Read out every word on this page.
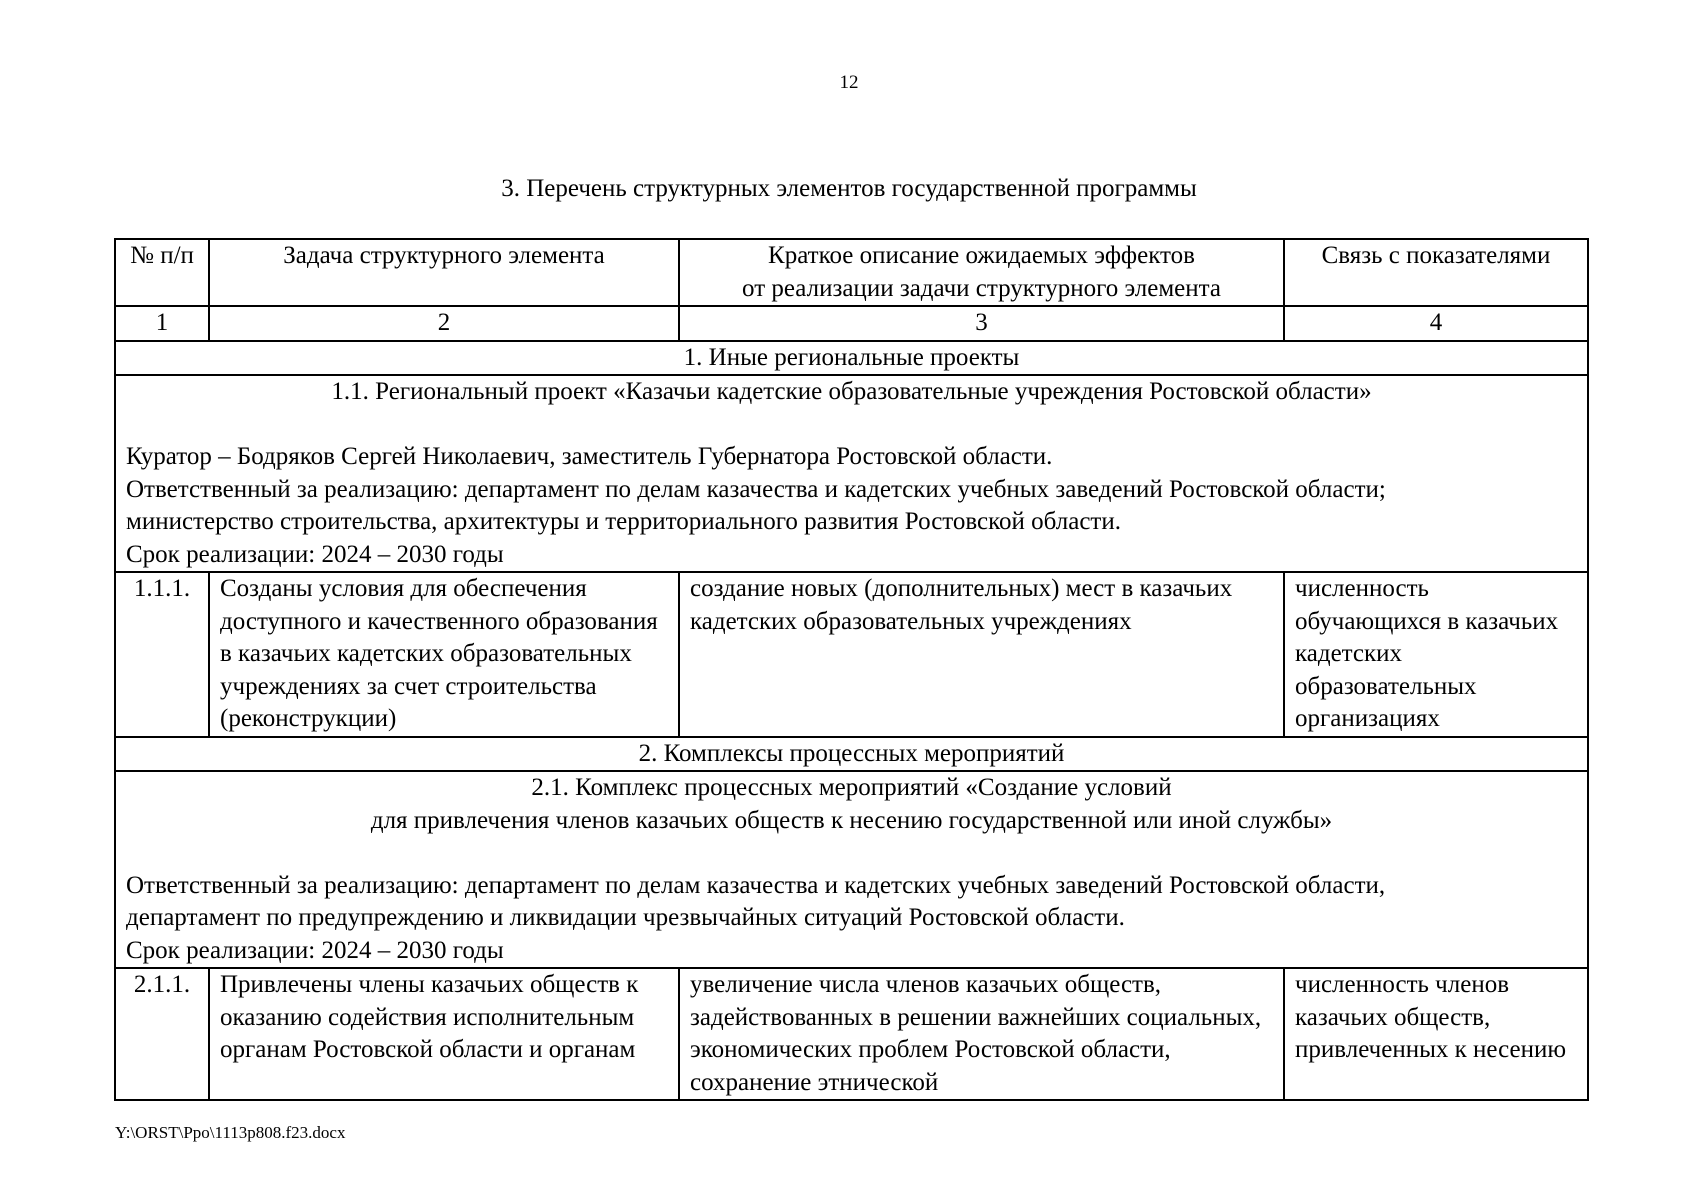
12
3. Перечень структурных элементов государственной программы
№ п/п	Задача структурного элемента	Краткое описание ожидаемых эффектов
от реализации задачи структурного элемента	Связь с показателями
1	2	3	4
1. Иные региональные проекты			

1.1. Региональный проект «Казачьи кадетские образовательные учреждения Ростовской области»
Куратор – Бодряков Сергей Николаевич, заместитель Губернатора Ростовской области.
Ответственный за реализацию: департамент по делам казачества и кадетских учебных заведений Ростовской области;
министерство строительства, архитектуры и территориального развития Ростовской области.
Срок реализации: 2024 – 2030 годы			

1.1.1.	Созданы условия для обеспечения доступного и качественного образования в казачьих кадетских образовательных учреждениях за счет строительства (реконструкции)	создание новых (дополнительных) мест в казачьих кадетских образовательных учреждениях	численность обучающихся в казачьих кадетских образовательных организациях
2. Комплексы процессных мероприятий			

2.1. Комплекс процессных мероприятий «Создание условий
для привлечения членов казачьих обществ к несению государственной или иной службы»
Ответственный за реализацию: департамент по делам казачества и кадетских учебных заведений Ростовской области,
департамент по предупреждению и ликвидации чрезвычайных ситуаций Ростовской области.
Срок реализации: 2024 – 2030 годы			

2.1.1.	Привлечены члены казачьих обществ к оказанию содействия исполнительным органам Ростовской области и органам	увеличение числа членов казачьих обществ, задействованных в решении важнейших социальных, экономических проблем Ростовской области, сохранение этнической	численность членов казачьих обществ, привлеченных к несению
Y:\ORST\Ppo\1113p808.f23.docx
